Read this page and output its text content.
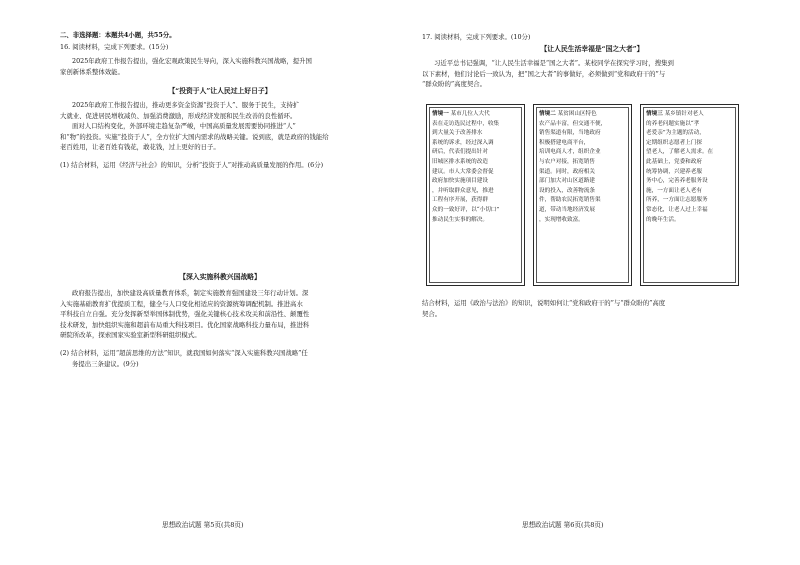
二、非选择题：本题共4小题，共55分。
16. 阅读材料，完成下列要求。(15分)
2025年政府工作报告提出，强化宏观政策民生导向，深入实施科教兴国战略，提升国
家创新体系整体效能。
【“投资于人”让人民过上好日子】
2025年政府工作报告提出，推动更多资金资源“投资于人”、服务于民生，支持扩
大就业、促进居民增收减负、加强消费激励，形成经济发展和民生改善的良性循环。
面对人口结构变化，外部环境走趋复杂严峻，中国高质量发展需要协同推进“人”
和“物”的投资。实施“投资于人”，全方位扩大国内需求的战略关键。说到底，就是政府的钱能给
老百姓用，让老百姓有钱花，敢花钱，过上更好的日子。
(1) 结合材料，运用《经济与社会》的知识，分析“投资于人”对推动高质量发展的作用。(6分)
【深入实施科教兴国战略】
政府报告提出，加快建设高质量教育体系，制定实施教育强国建设三年行动计划。深
入实施基础教育扩优提质工程，健全与人口变化相适应的资源统筹调配机制。推进高水
平科技自立自强。充分发挥新型举国体制优势，强化关键核心技术攻关和前沿性、颠覆性
技术研发，加快组织实施和超前布局重大科技项目。优化国家战略科技力量布局，推进科
研院所改革，探索国家实验室新型科研组织模式。
(2) 结合材料，运用“超前思维的方法”知识，就我国如何落实“深入实施科教兴国战略”任
务提出三条建议。(9分)
思想政治试题 第5页(共8页)
17. 阅读材料，完成下列要求。(10分)
【让人民生活幸福是“国之大者”】
习近平总书记强调，“让人民生活幸福是“国之大者”。某校同学在探究学习时，搜集到
以下素材，他们讨论后一致认为，把“国之大者”的事做好，必须做到“党和政府干的”与
“群众盼的”高度契合。
情境一 某市几位人大代
表在走访选民过程中，收集
到大量关于改善排水
系统的诉求，经过深入调
研后，代表们提出针对
旧城区排水系统的改造
建议。市人大常委会督促
政府加快实施项目建设
，并听取群众意见，推进
工程有序开展，获得群
众的一致好评，以“小切口”
推动民生实事的解决。
情境二 某贫困山区特色
农产品丰富，但交通不便，
销售渠道有限，当地政府
积极搭建电商平台，
培训电商人才，组织企业
与农户对接，拓宽销售
渠道。同时，政府相关
部门加大对山区道路建
设的投入，改善物流条
件，帮助农民拓宽销售渠
道，带动当地经济发展
，实现增收致富。
情境三 某乡镇针对老人
的养老问题实施以“孝
老爱亲”为主题的活动，
定期组织志愿者上门探
望老人，了解老人需求。在
此基础上，党委和政府
统筹协调，兴建养老服
务中心，完善养老服务设
施，一方面让老人老有
所养，一方面让志愿服务
常态化，让老人过上幸福
的晚年生活。
结合材料，运用《政治与法治》的知识，说明如何让“党和政府干的”与“群众盼的”高度
契合。
思想政治试题 第6页(共8页)
